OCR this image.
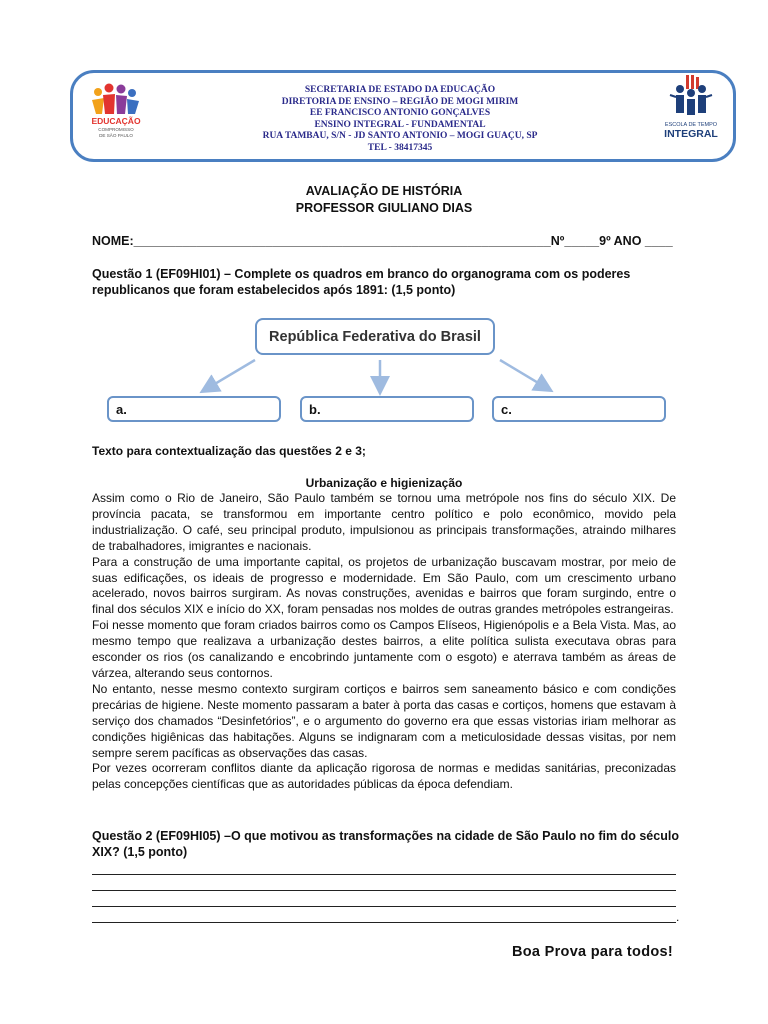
EDUCAÇÃO
COMPROMISSO
DE SÃO PAULO
SECRETARIA DE ESTADO DA EDUCAÇÃO
DIRETORIA DE ENSINO – REGIÃO DE MOGI MIRIM
EE FRANCISCO ANTONIO GONÇALVES
ENSINO INTEGRAL - FUNDAMENTAL
RUA TAMBAU, S/N - JD SANTO ANTONIO – MOGI GUAÇU, SP
TEL - 38417345
ESCOLA DE TEMPO
INTEGRAL
AVALIAÇÃO DE HISTÓRIA
PROFESSOR GIULIANO DIAS
NOME:____________________________________________________________Nº_____9º ANO ____
Questão 1 (EF09HI01) – Complete os quadros em branco do organograma com os poderes republicanos que foram estabelecidos após 1891: (1,5 ponto)
República Federativa do Brasil
a.	b.	c.
Texto para contextualização das questões 2 e 3;
Urbanização e higienização

Assim como o Rio de Janeiro, São Paulo também se tornou uma metrópole nos fins do século XIX. De província pacata, se transformou em importante centro político e polo econômico, movido pela industrialização. O café, seu principal produto, impulsionou as principais transformações, atraindo milhares de trabalhadores, imigrantes e nacionais.

Para a construção de uma importante capital, os projetos de urbanização buscavam mostrar, por meio de suas edificações, os ideais de progresso e modernidade. Em São Paulo, com um crescimento urbano acelerado, novos bairros surgiram. As novas construções, avenidas e bairros que foram surgindo, entre o final dos séculos XIX e início do XX, foram pensadas nos moldes de outras grandes metrópoles estrangeiras.

Foi nesse momento que foram criados bairros como os Campos Elíseos, Higienópolis e a Bela Vista. Mas, ao mesmo tempo que realizava a urbanização destes bairros, a elite política sulista executava obras para esconder os rios (os canalizando e encobrindo juntamente com o esgoto) e aterrava também as áreas de várzea, alterando seus contornos.

No entanto, nesse mesmo contexto surgiram cortiços e bairros sem saneamento básico e com condições precárias de higiene. Neste momento passaram a bater à porta das casas e cortiços, homens que estavam à serviço dos chamados “Desinfetórios”, e o argumento do governo era que essas vistorias iriam melhorar as condições higiênicas das habitações. Alguns se indignaram com a meticulosidade dessas visitas, por nem sempre serem pacíficas as observações das casas.

Por vezes ocorreram conflitos diante da aplicação rigorosa de normas e medidas sanitárias, preconizadas pelas concepções científicas que as autoridades públicas da época defendiam.

Questão 2 (EF09HI05) –O que motivou as transformações na cidade de São Paulo no fim do século XIX? (1,5 ponto)
.
Boa Prova para todos!
